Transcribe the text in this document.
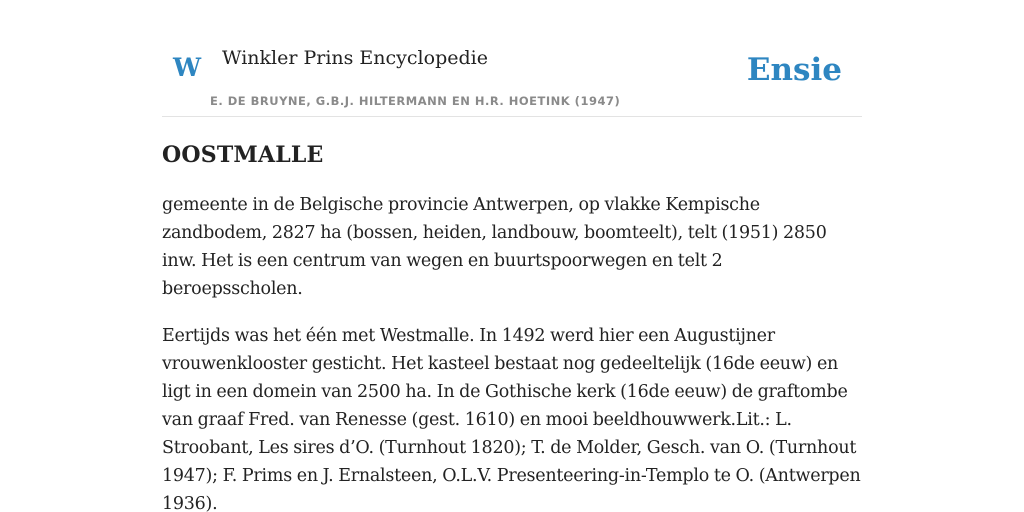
W Winkler Prins Encyclopedie
E. DE BRUYNE, G.B.J. HILTERMANN EN H.R. HOETINK (1947)
Ensie
OOSTMALLE

gemeente in de Belgische provincie Antwerpen, op vlakke Kempische zandbodem, 2827 ha (bossen, heiden, landbouw, boomteelt), telt (1951) 2850 inw. Het is een centrum van wegen en buurtspoorwegen en telt 2 beroepsscholen.

Eertijds was het één met Westmalle. In 1492 werd hier een Augustijner vrouwenklooster gesticht. Het kasteel bestaat nog gedeeltelijk (16de eeuw) en ligt in een domein van 2500 ha. In de Gothische kerk (16de eeuw) de graftombe van graaf Fred. van Renesse (gest. 1610) en mooi beeldhouwwerk.Lit.: L. Stroobant, Les sires d’O. (Turnhout 1820); T. de Molder, Gesch. van O. (Turnhout 1947); F. Prims en J. Ernalsteen, O.L.V. Presenteering-in-Templo te O. (Antwerpen 1936).
